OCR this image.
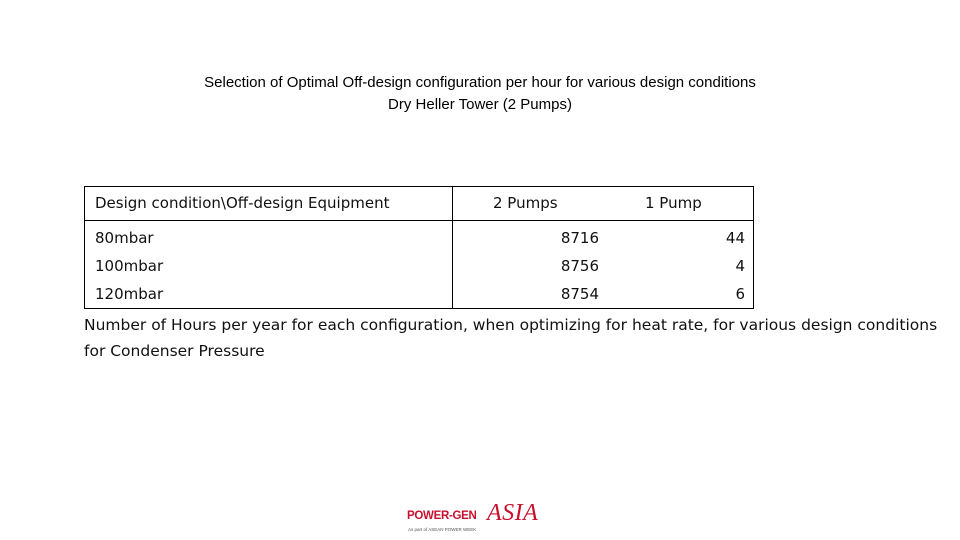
Selection of Optimal Off-design configuration per hour for various design conditions
Dry Heller Tower (2 Pumps)
Design condition\Off-design Equipment	2 Pumps	1 Pump
80mbar	8716	44
100mbar	8756	4
120mbar	8754	6
Number of Hours per year for each configuration, when optimizing for heat rate, for various design conditions for Condenser Pressure
POWER-GEN ASIA
As part of ASEAN POWER WEEK
